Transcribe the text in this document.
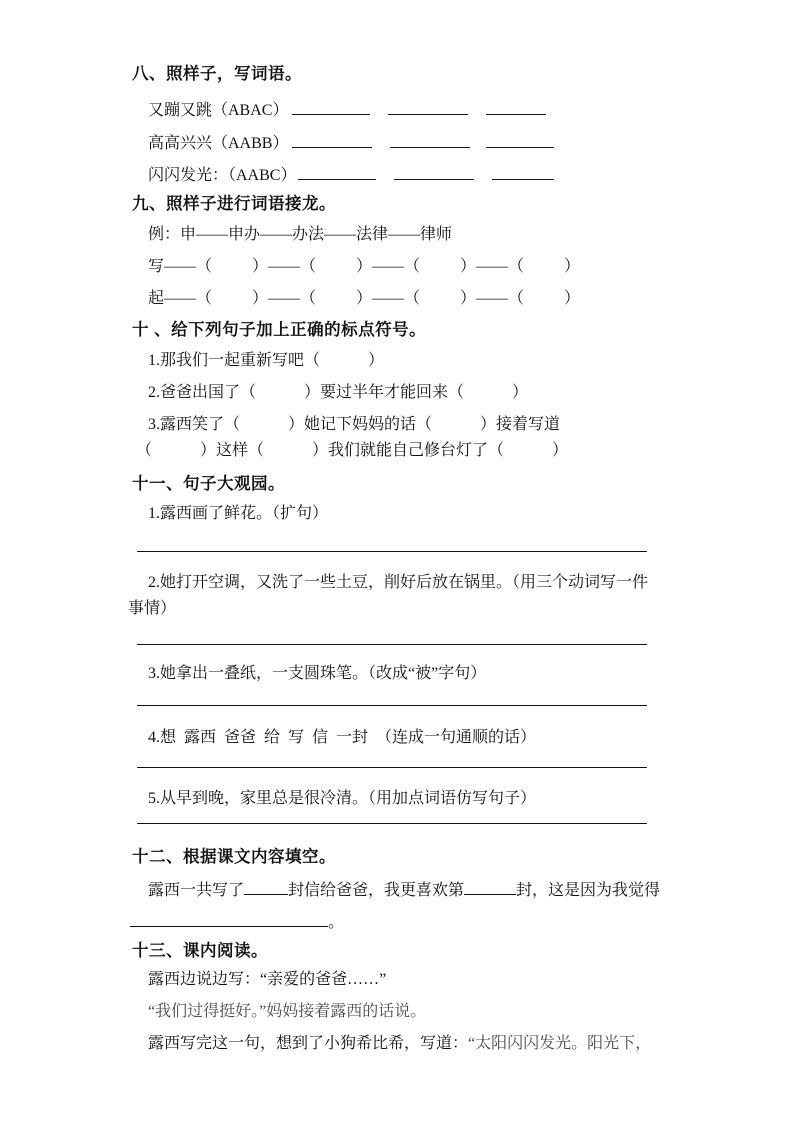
八、照样子，写词语。
又蹦又跳（ABAC）
高高兴兴（AABB）
闪闪发光：（AABC）
九、照样子进行词语接龙。
例：申——申办——办法——法律——律师
写——（          ）——（          ）——（          ）——（          ）
起——（          ）——（          ）——（          ）——（          ）
十 、给下列句子加上正确的标点符号。
1.那我们一起重新写吧（            ）
2.爸爸出国了（            ）要过半年才能回来（            ）
3.露西笑了（            ）她记下妈妈的话（            ）接着写道
（            ）这样（            ）我们就能自己修台灯了（            ）
十一、句子大观园。
1.露西画了鲜花。（扩句）
2.她打开空调，又洗了一些土豆，削好后放在锅里。（用三个动词写一件
事情）
3.她拿出一叠纸，一支圆珠笔。（改成“被”字句）
4.想  露西  爸爸  给  写  信  一封  （连成一句通顺的话）
5.从早到晚，家里总是很冷清。（用加点词语仿写句子）
十二、根据课文内容填空。
露西一共写了	封信给爸爸，我更喜欢第	封，这是因为我觉得
。
十三、课内阅读。
露西边说边写：“亲爱的爸爸……”
“我们过得挺好。”妈妈接着露西的话说。
露西写完这一句，想到了小狗希比希，写道：“太阳闪闪发光。阳光下，
